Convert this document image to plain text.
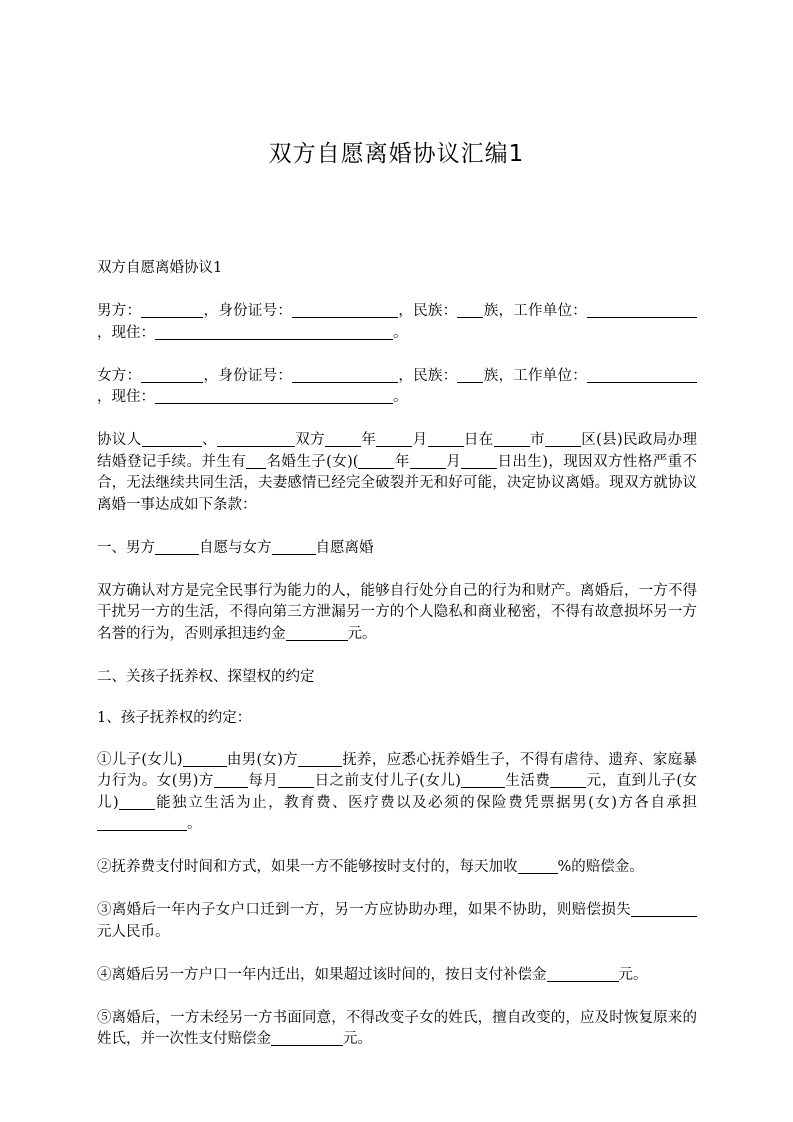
双方自愿离婚协议汇编1

双方自愿离婚协议1

男方：	，身份证号：	，民族： 族，工作单位：，现住：	。

女方：	，身份证号：	，民族： 族，工作单位：，现住：	。

协议人	、	双方 年 月 日在 市 区(县)民政局办理结婚登记手续。并生有 名婚生子(女)( 年 月 日出生)，现因双方性格严重不合，无法继续共同生活，夫妻感情已经完全破裂并无和好可能，决定协议离婚。现双方就协议离婚一事达成如下条款：

一、男方	自愿与女方	自愿离婚

双方确认对方是完全民事行为能力的人，能够自行处分自己的行为和财产。离婚后，一方不得干扰另一方的生活，不得向第三方泄漏另一方的个人隐私和商业秘密，不得有故意损坏另一方名誉的行为，否则承担违约金	元。

二、关孩子抚养权、探望权的约定

1、孩子抚养权的约定：

①儿子(女儿)	由男(女)方	抚养，应悉心抚养婚生子，不得有虐待、遗弃、家庭暴力行为。女(男)方 每月 日之前支付儿子(女儿)	生活费 元，直到儿子(女儿) 能独立生活为止，教育费、医疗费以及必须的保险费凭票据男(女)方各自承担。

②抚养费支付时间和方式，如果一方不能够按时支付的，每天加收	%的赔偿金。

③离婚后一年内子女户口迁到一方，另一方应协助办理，如果不协助，则赔偿损失元人民币。

④离婚后另一方户口一年内迁出，如果超过该时间的，按日支付补偿金	元。

⑤离婚后，一方未经另一方书面同意，不得改变子女的姓氏，擅自改变的，应及时恢复原来的姓氏，并一次性支付赔偿金	元。
